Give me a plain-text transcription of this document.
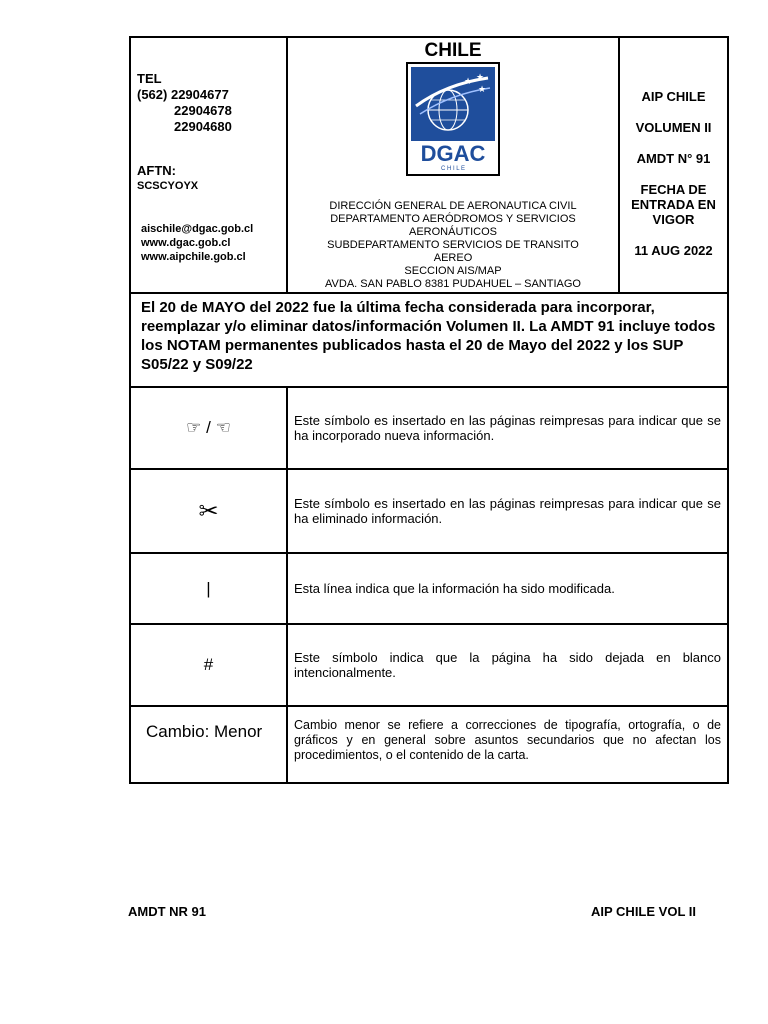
TEL
(562) 22904677
22904678
22904680
AFTN:
SCSCYOYX
aischile@dgac.gob.cl
www.dgac.gob.cl
www.aipchile.gob.cl
CHILE
★ ★
★
DGAC
C H I L E
DIRECCIÓN GENERAL DE AERONAUTICA CIVIL
DEPARTAMENTO AERÓDROMOS Y SERVICIOS
AERONÁUTICOS
SUBDEPARTAMENTO SERVICIOS DE TRANSITO
AEREO
SECCION AIS/MAP
AVDA. SAN PABLO 8381 PUDAHUEL – SANTIAGO
AIP CHILE
VOLUMEN II
AMDT N° 91
FECHA DE
ENTRADA EN
VIGOR
11 AUG 2022
El 20 de MAYO del 2022 fue la última fecha considerada para incorporar, reemplazar y/o eliminar datos/información Volumen II. La AMDT 91 incluye todos los NOTAM permanentes publicados hasta el 20 de Mayo del 2022 y los SUP S05/22 y S09/22
☞ / ☜	Este símbolo es insertado en las páginas reimpresas para indicar que se ha incorporado nueva información.
✂	Este símbolo es insertado en las páginas reimpresas para indicar que se ha eliminado información.
|	Esta línea indica que la información ha sido modificada.
#	Este símbolo indica que la página ha sido dejada en blanco intencionalmente.
Cambio: Menor	Cambio menor se refiere a correcciones de tipografía, ortografía, o de gráficos y en general sobre asuntos secundarios que no afectan los procedimientos, o el contenido de la carta.
AMDT NR 91	AIP CHILE VOL II
